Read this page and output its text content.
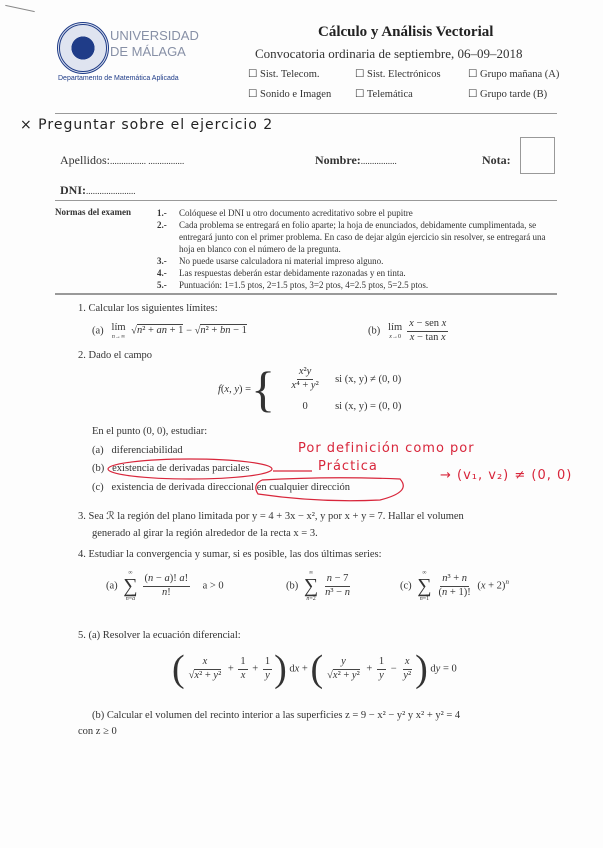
UNIVERSIDAD
DE MÁLAGA
Departamento de Matemática Aplicada
Cálculo y Análisis Vectorial
Convocatoria ordinaria de septiembre, 06–09–2018
☐ Sist. Telecom.	☐ Sist. Electrónicos	☐ Grupo mañana (A)
☐ Sonido e Imagen ☐ Telemática	☐ Grupo tarde (B)
× Preguntar sobre el ejercicio 2
Apellidos:................ ................	Nombre:................	Nota:
DNI:......................
Normas del examen	1.-	Colóquese el DNI u otro documento acreditativo sobre el pupitre
2.-	Cada problema se entregará en folio aparte; la hoja de enunciados, debidamente cumplimentada, se entregará junto con el primer problema. En caso de dejar algún ejercicio sin resolver, se entregará una hoja en blanco con el número de la pregunta.
3.-	No puede usarse calculadora ni material impreso alguno.
4.-	Las respuestas deberán estar debidamente razonadas y en tinta.
5.-	Puntuación: 1=1.5 ptos, 2=1.5 ptos, 3=2 ptos, 4=2.5 ptos, 5=2.5 ptos.
1. Calcular los siguientes límites:
(a) lím
n→∞
√n² + an + 1 − √n² + bn − 1	(b) lím
$x\to 0 \frac{\text{x − sen x}}{\text{x − tan x}}$
2. Dado el campo
f(x, y) = { $\frac{\text{x²y}}{\text{x⁴ + y²}}$ si (x, y) ≠ (0, 0)
0	si (x, y) = (0, 0)
En el punto (0, 0), estudiar:
(a) diferenciabilidad
(b) existencia de derivadas parciales
(c) existencia de derivada direccional en cualquier dirección
Por definición como por
Práctica
→ (v₁, v₂) ≠ (0, 0)
3. Sea ℛ la región del plano limitada por y = 4 + 3x − x², y por x + y = 7. Hallar el volumen
generado al girar la región alrededor de la recta x = 3.
4. Estudiar la convergencia y sumar, si es posible, las dos últimas series:
(a)
∞
∑
$n=a \frac{(n - a)! a!}{n!}$ a > 0	(b)
∞
∑
$n=2 \frac{n - 7}{\text{n³ − n}}$	(c)
∞
∑
$n=1 \frac{\text{n³ + n}}{(n + 1)!} (x + 2)^n$
5. (a) Resolver la ecuación diferencial:
( $\frac{x}{\text{√x² + y²}} + \frac{1}{x} + \frac{1}{y}$ ) dx + ( $\frac{y}{\text{√x² + y²}} + \frac{1}{y} - \frac{x}{\text{y²}}$ ) dy = 0
(b) Calcular el volumen del recinto interior a las superficies z = 9 − x² − y² y x² + y² = 4
con z ≥ 0
